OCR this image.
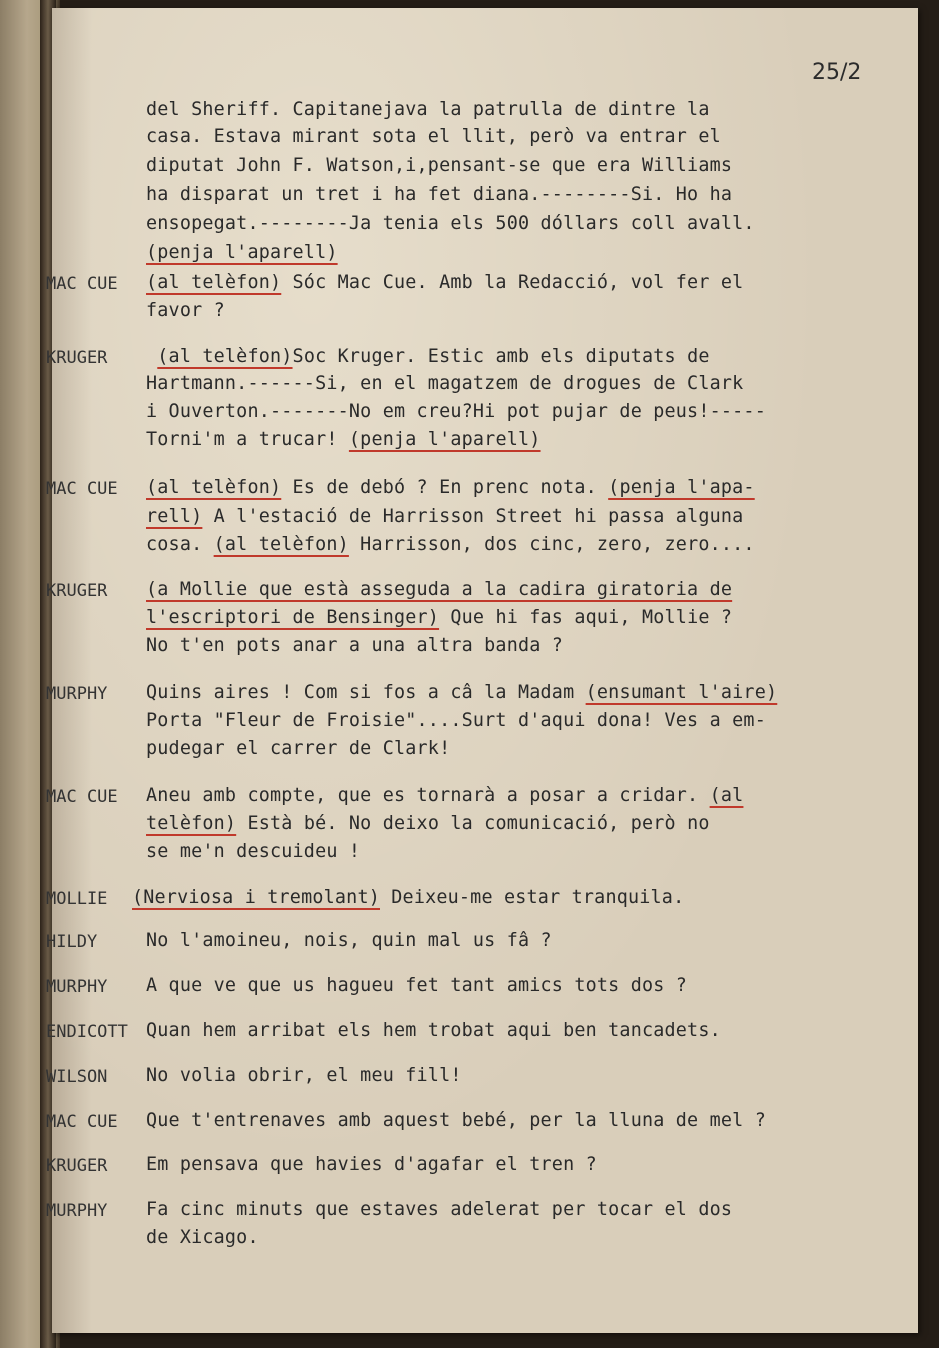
25/2
del Sheriff. Capitanejava la patrulla de dintre la
casa. Estava mirant sota el llit, però va entrar el
diputat John F. Watson,i,pensant-se que era Williams
ha disparat un tret i ha fet diana.--------Si. Ho ha
ensopegat.--------Ja tenia els 500 dóllars coll avall.
(penja l'aparell)
MAC CUE (al telèfon) Sóc Mac Cue. Amb la Redacció, vol fer el
favor ?
KRUGER	(al telèfon)Soc Kruger. Estic amb els diputats de
Hartmann.------Si, en el magatzem de drogues de Clark
i Ouverton.-------No em creu?Hi pot pujar de peus!-----
Torni'm a trucar! (penja l'aparell)
MAC CUE (al telèfon) Es de debó ? En prenc nota. (penja l'apa-
rell) A l'estació de Harrisson Street hi passa alguna
cosa. (al telèfon) Harrisson, dos cinc, zero, zero....
KRUGER (a Mollie que està asseguda a la cadira giratoria de
l'escriptori de Bensinger) Que hi fas aqui, Mollie ?
No t'en pots anar a una altra banda ?
MURPHY Quins aires ! Com si fos a câ la Madam (ensumant l'aire)
Porta "Fleur de Froisie"....Surt d'aqui dona! Ves a em-
pudegar el carrer de Clark!
MAC CUE Aneu amb compte, que es tornarà a posar a cridar. (al
telèfon) Està bé. No deixo la comunicació, però no
se me'n descuideu !
MOLLIE (Nerviosa i tremolant) Deixeu-me estar tranquila.
HILDY	No l'amoineu, nois, quin mal us fâ ?
MURPHY A que ve que us hagueu fet tant amics tots dos ?
ENDICOTT Quan hem arribat els hem trobat aqui ben tancadets.
WILSON No volia obrir, el meu fill!
MAC CUE Que t'entrenaves amb aquest bebé, per la lluna de mel ?
KRUGER Em pensava que havies d'agafar el tren ?
MURPHY Fa cinc minuts que estaves adelerat per tocar el dos
de Xicago.
